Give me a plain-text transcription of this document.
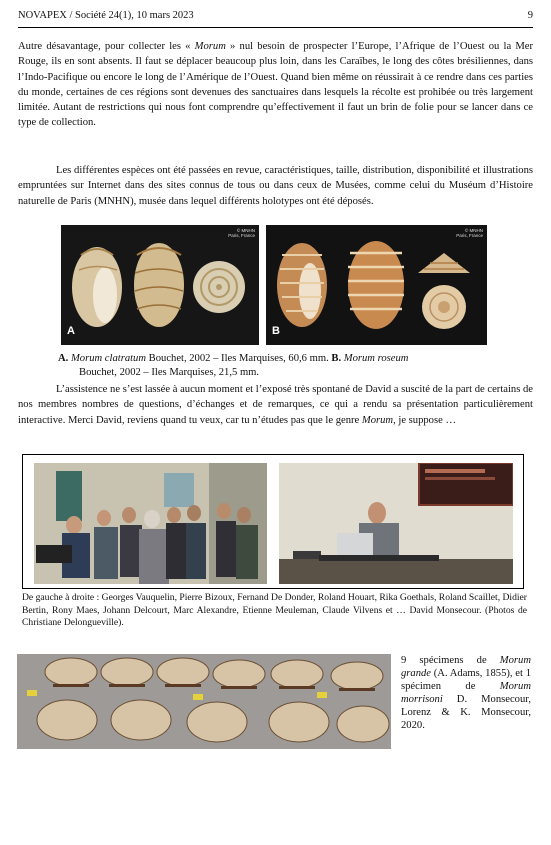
NOVAPEX / Société 24(1), 10 mars 2023	9

Autre désavantage, pour collecter les « Morum » nul besoin de prospecter l’Europe, l’Afrique de l’Ouest ou la Mer Rouge, ils en sont absents. Il faut se déplacer beaucoup plus loin, dans les Caraïbes, le long des côtes brésiliennes, dans l’Indo-Pacifique ou encore le long de l’Amérique de l’Ouest. Quand bien même on réussirait à ce rendre dans ces parties du monde, certaines de ces régions sont devenues des sanctuaires dans lesquels la récolte est prohibée ou très largement limitée. Autant de restrictions qui nous font comprendre qu’effectivement il faut un brin de folie pour se lancer dans ce type de collection.

Les différentes espèces ont été passées en revue, caractéristiques, taille, distribution, disponibilité et illustrations empruntées sur Internet dans des sites connus de tous ou dans ceux de Musées, comme celui du Muséum d’Histoire naturelle de Paris (MNHN), musée dans lequel différents holotypes ont été déposés.

A
© MNHN
Paris, France
B
© MNHN
Paris, France
A. Morum clatratum Bouchet, 2002 – Iles Marquises, 60,6 mm. B. Morum roseum
Bouchet, 2002 – Iles Marquises, 21,5 mm.

L’assistence ne s’est lassée à aucun moment et l’exposé très spontané de David a suscité de la part de certains de nos membres nombres de questions, d’échanges et de remarques, ce qui a rendu sa présentation particulièrement interactive. Merci David, reviens quand tu veux, car tu n’études pas que le genre Morum, je suppose …

De gauche à droite : Georges Vauquelin, Pierre Bizoux, Fernand De Donder, Roland Houart, Rika Goethals, Roland Scaillet, Didier Bertin, Rony Maes, Johann Delcourt, Marc Alexandre, Etienne Meuleman, Claude Vilvens et … David Monsecour. (Photos de Christiane Delongueville).
9 spécimens de Morum grande (A. Adams, 1855), et 1 spécimen de Morum morrisoni D. Monsecour, Lorenz & K. Monsecour, 2020.
